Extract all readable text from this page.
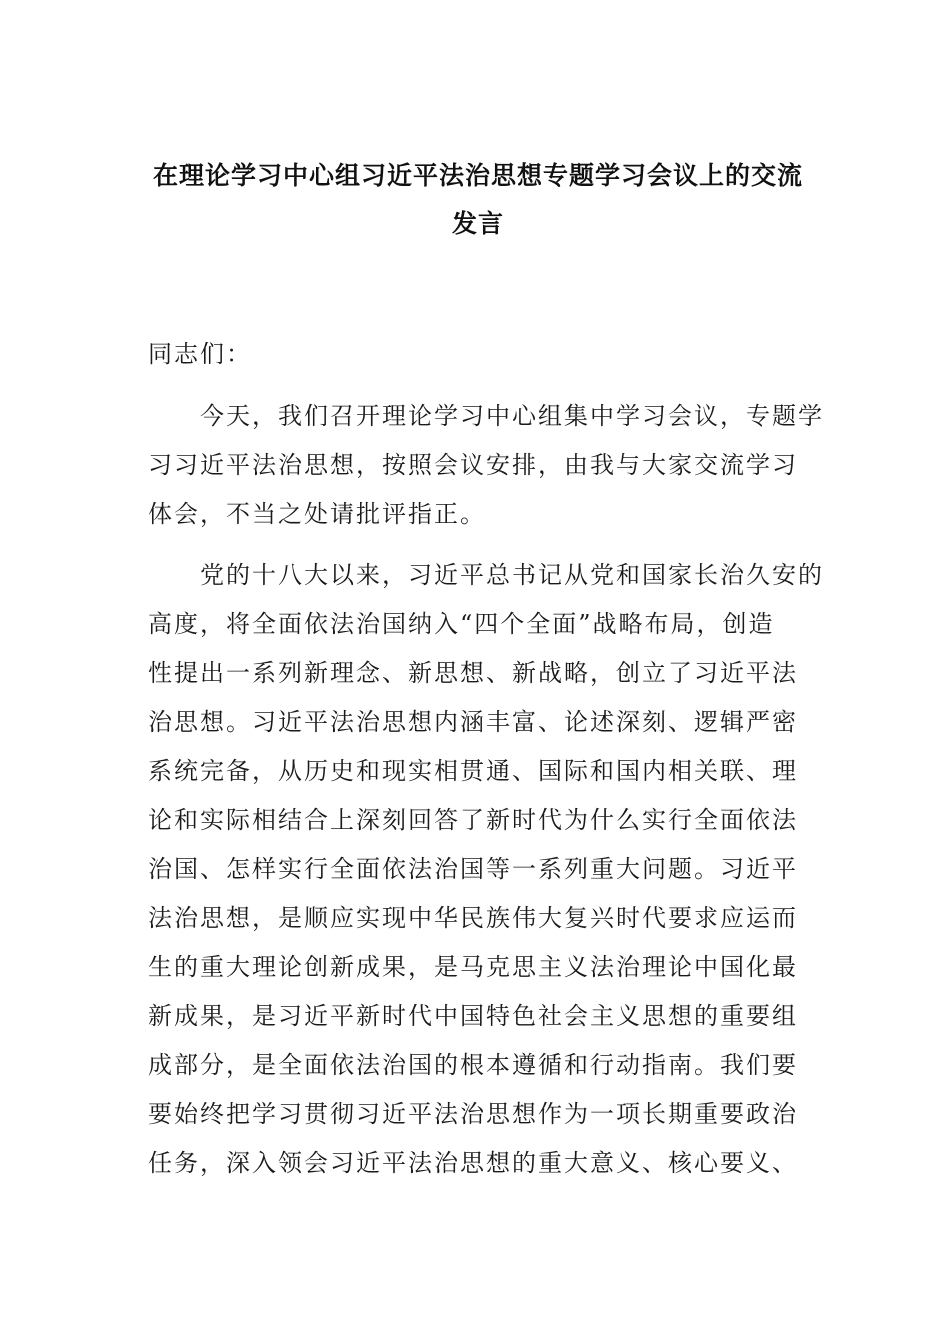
在理论学习中心组习近平法治思想专题学习会议上的交流
发言
同志们：
　　今天，我们召开理论学习中心组集中学习会议，专题学
习习近平法治思想，按照会议安排，由我与大家交流学习
体会，不当之处请批评指正。
　　党的十八大以来，习近平总书记从党和国家长治久安的
高度，将全面依法治国纳入“四个全面”战略布局，创造
性提出一系列新理念、新思想、新战略，创立了习近平法
治思想。习近平法治思想内涵丰富、论述深刻、逻辑严密
系统完备，从历史和现实相贯通、国际和国内相关联、理
论和实际相结合上深刻回答了新时代为什么实行全面依法
治国、怎样实行全面依法治国等一系列重大问题。习近平
法治思想，是顺应实现中华民族伟大复兴时代要求应运而
生的重大理论创新成果，是马克思主义法治理论中国化最
新成果，是习近平新时代中国特色社会主义思想的重要组
成部分，是全面依法治国的根本遵循和行动指南。我们要
要始终把学习贯彻习近平法治思想作为一项长期重要政治
任务，深入领会习近平法治思想的重大意义、核心要义、
